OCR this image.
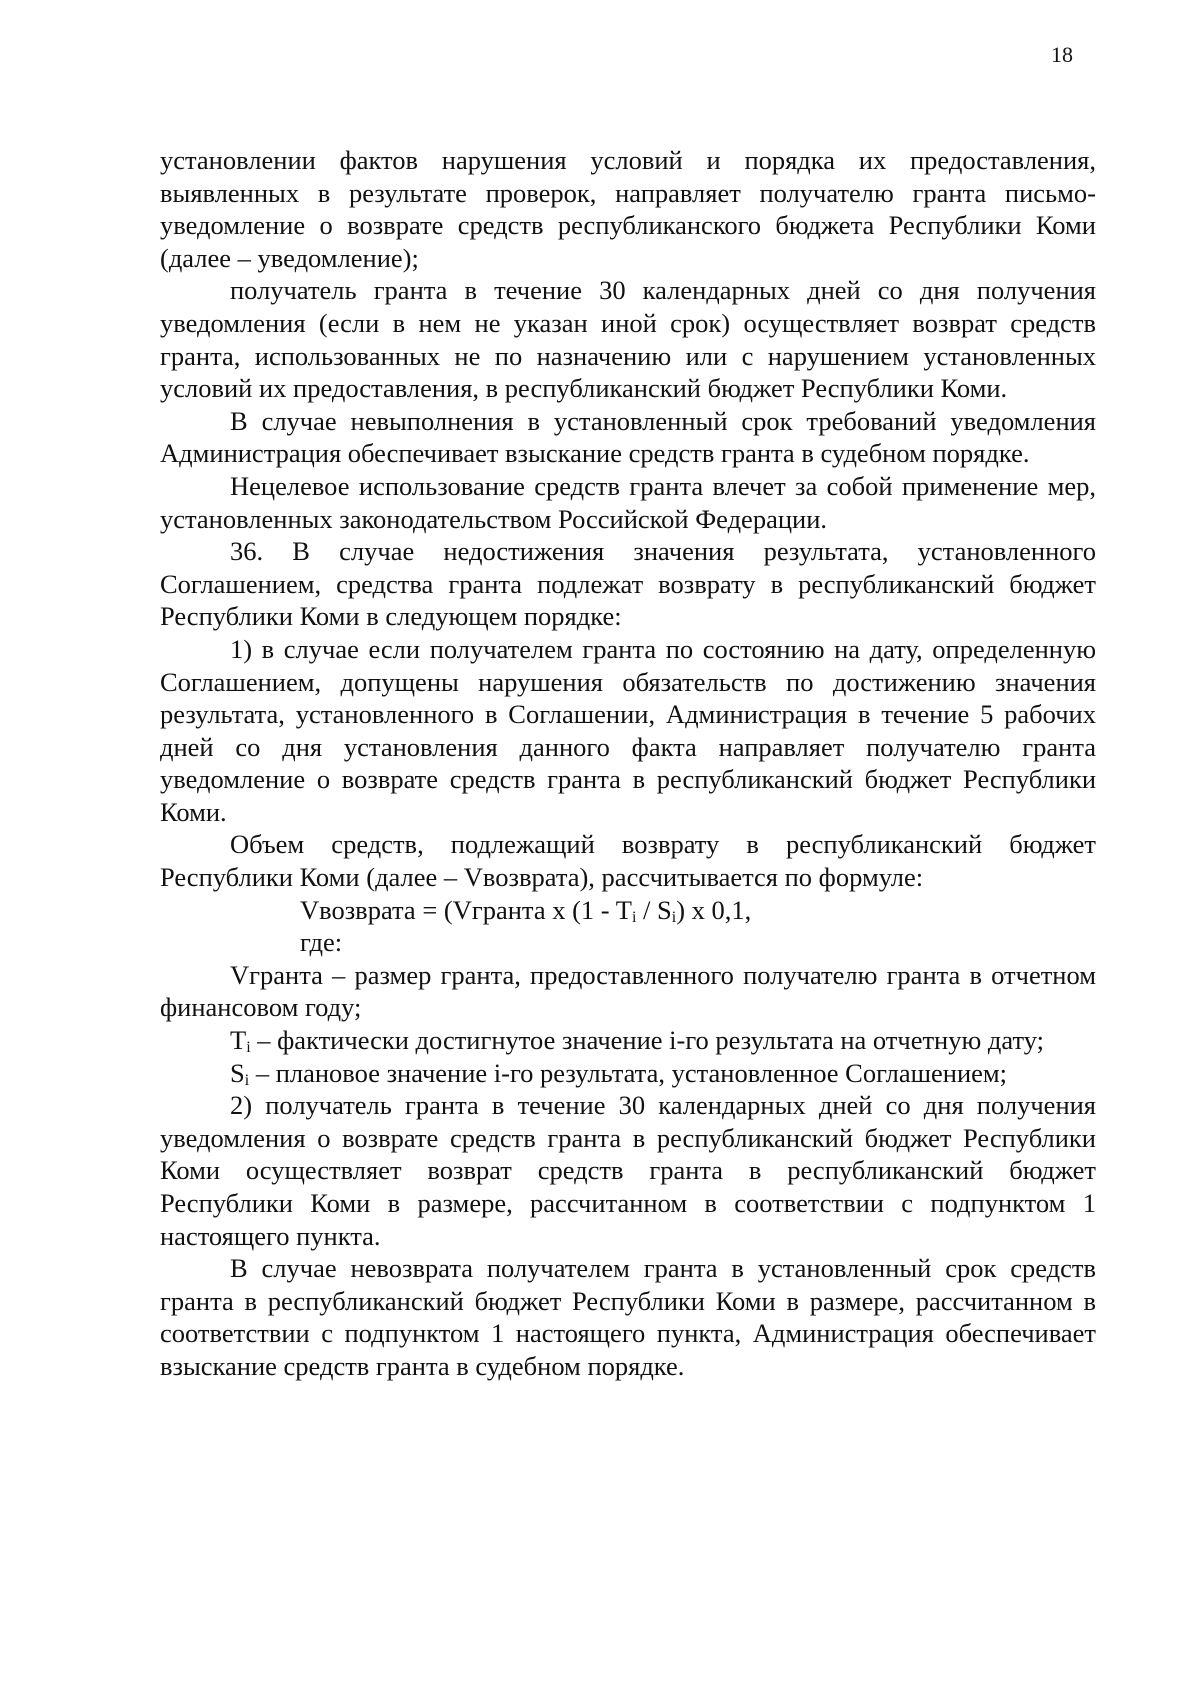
18

установлении фактов нарушения условий и порядка их предоставления, выявленных в результате проверок, направляет получателю гранта письмо-уведомление о возврате средств республиканского бюджета Республики Коми (далее – уведомление);

получатель гранта в течение 30 календарных дней со дня получения уведомления (если в нем не указан иной срок) осуществляет возврат средств гранта, использованных не по назначению или с нарушением установленных условий их предоставления, в республиканский бюджет Республики Коми.

В случае невыполнения в установленный срок требований уведомления Администрация обеспечивает взыскание средств гранта в судебном порядке.

Нецелевое использование средств гранта влечет за собой применение мер, установленных законодательством Российской Федерации.

36. В случае недостижения значения результата, установленного Соглашением, средства гранта подлежат возврату в республиканский бюджет Республики Коми в следующем порядке:

1) в случае если получателем гранта по состоянию на дату, определенную Соглашением, допущены нарушения обязательств по достижению значения результата, установленного в Соглашении, Администрация в течение 5 рабочих дней со дня установления данного факта направляет получателю гранта уведомление о возврате средств гранта в республиканский бюджет Республики Коми.

Объем средств, подлежащий возврату в республиканский бюджет Республики Коми (далее – Vвозврата), рассчитывается по формуле:

Vвозврата = (Vгранта x $(1 - T_i / S_i)$ x 0,1,

где:

Vгранта – размер гранта, предоставленного получателю гранта в отчетном финансовом году;

$T_i$ – фактически достигнутое значение i-го результата на отчетную дату;

$S_i$ – плановое значение i-го результата, установленное Соглашением;

2) получатель гранта в течение 30 календарных дней со дня получения уведомления о возврате средств гранта в республиканский бюджет Республики Коми осуществляет возврат средств гранта в республиканский бюджет Республики Коми в размере, рассчитанном в соответствии с подпунктом 1 настоящего пункта.

В случае невозврата получателем гранта в установленный срок средств гранта в республиканский бюджет Республики Коми в размере, рассчитанном в соответствии с подпунктом 1 настоящего пункта, Администрация обеспечивает взыскание средств гранта в судебном порядке.
